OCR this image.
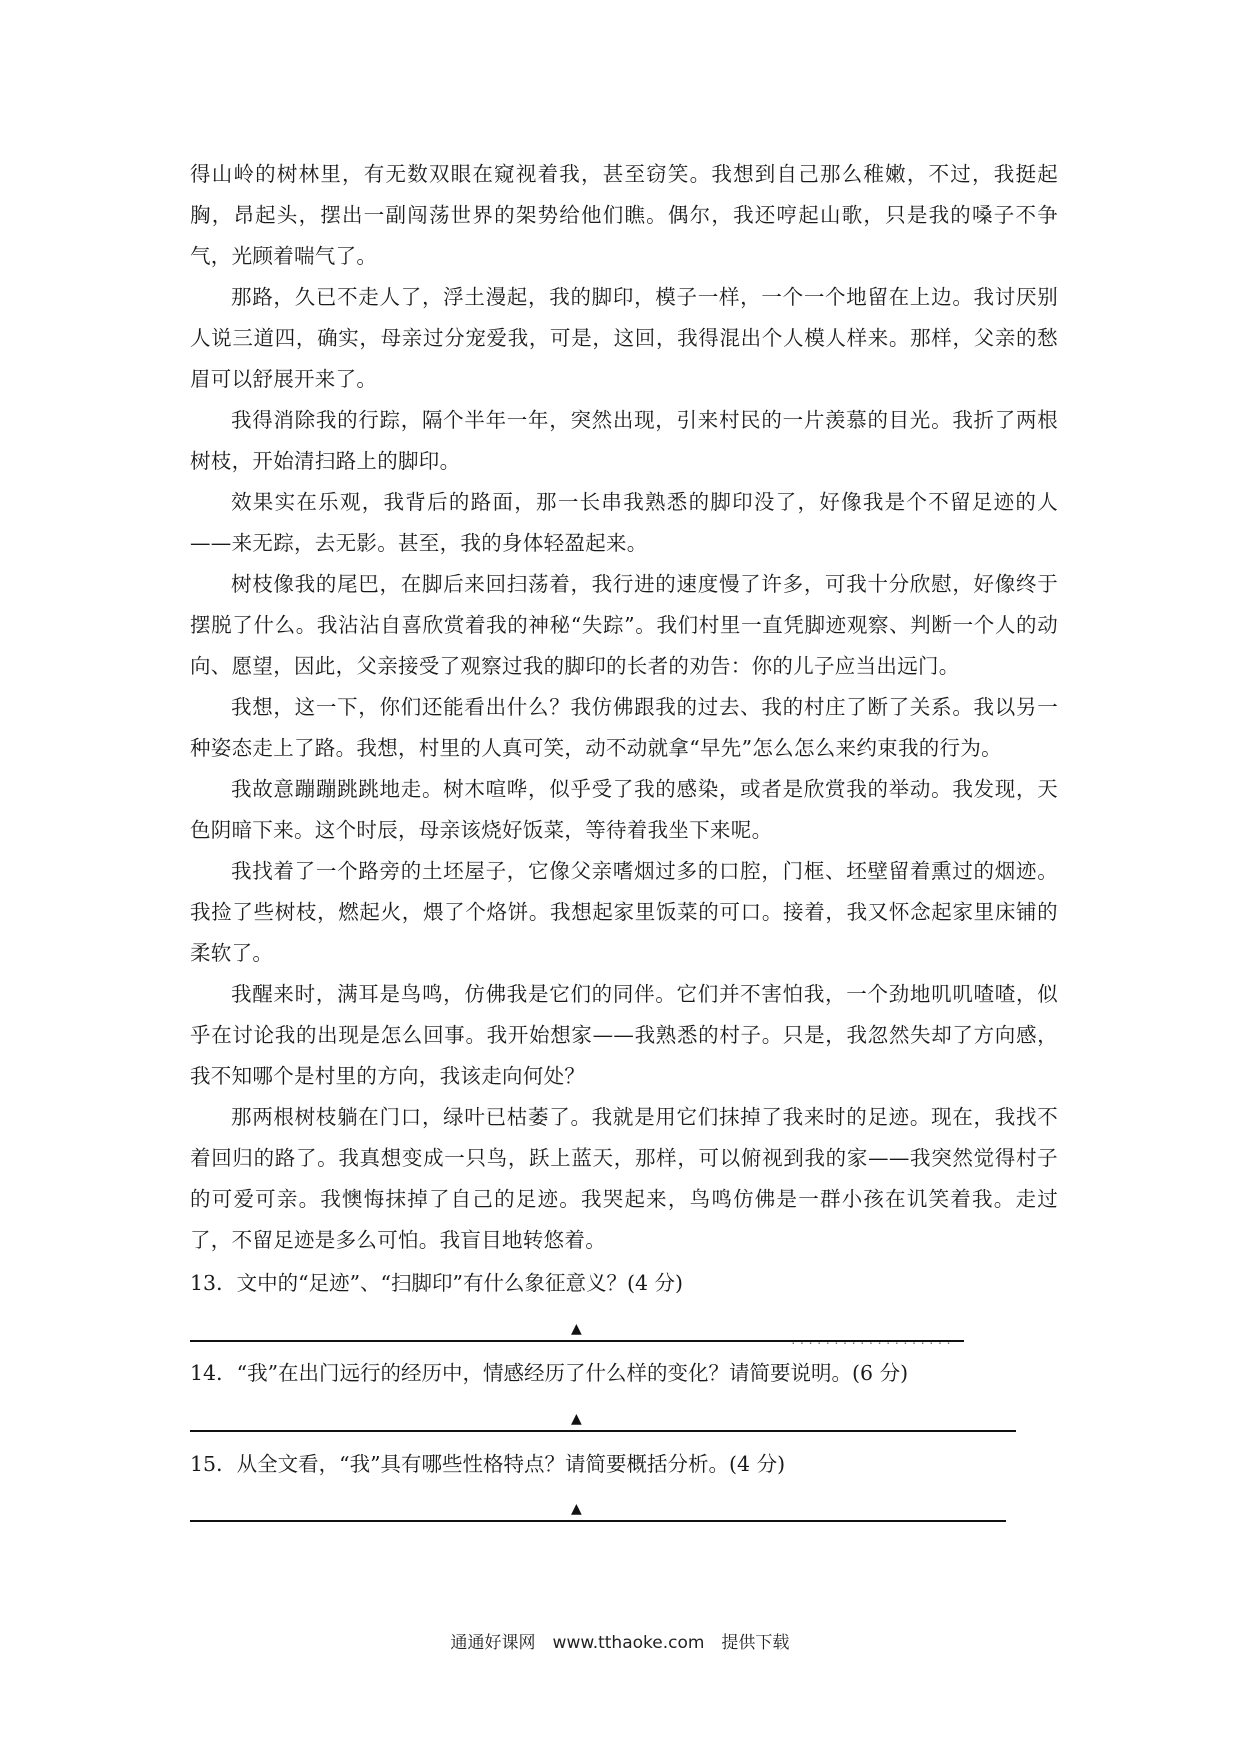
得山岭的树林里，有无数双眼在窥视着我，甚至窃笑。我想到自己那么稚嫩，不过，我挺起胸，昂起头，摆出一副闯荡世界的架势给他们瞧。偶尔，我还哼起山歌，只是我的嗓子不争气，光顾着喘气了。

那路，久已不走人了，浮土漫起，我的脚印，模子一样，一个一个地留在上边。我讨厌别人说三道四，确实，母亲过分宠爱我，可是，这回，我得混出个人模人样来。那样，父亲的愁眉可以舒展开来了。

我得消除我的行踪，隔个半年一年，突然出现，引来村民的一片羡慕的目光。我折了两根树枝，开始清扫路上的脚印。

效果实在乐观，我背后的路面，那一长串我熟悉的脚印没了，好像我是个不留足迹的人——来无踪，去无影。甚至，我的身体轻盈起来。

树枝像我的尾巴，在脚后来回扫荡着，我行进的速度慢了许多，可我十分欣慰，好像终于摆脱了什么。我沾沾自喜欣赏着我的神秘“失踪”。我们村里一直凭脚迹观察、判断一个人的动向、愿望，因此，父亲接受了观察过我的脚印的长者的劝告：你的儿子应当出远门。

我想，这一下，你们还能看出什么？我仿佛跟我的过去、我的村庄了断了关系。我以另一种姿态走上了路。我想，村里的人真可笑，动不动就拿“早先”怎么怎么来约束我的行为。

我故意蹦蹦跳跳地走。树木喧哗，似乎受了我的感染，或者是欣赏我的举动。我发现，天色阴暗下来。这个时辰，母亲该烧好饭菜，等待着我坐下来呢。

我找着了一个路旁的土坯屋子，它像父亲嗜烟过多的口腔，门框、坯壁留着熏过的烟迹。我捡了些树枝，燃起火，煨了个烙饼。我想起家里饭菜的可口。接着，我又怀念起家里床铺的柔软了。

我醒来时，满耳是鸟鸣，仿佛我是它们的同伴。它们并不害怕我，一个劲地叽叽喳喳，似乎在讨论我的出现是怎么回事。我开始想家——我熟悉的村子。只是，我忽然失却了方向感，我不知哪个是村里的方向，我该走向何处？

那两根树枝躺在门口，绿叶已枯萎了。我就是用它们抹掉了我来时的足迹。现在，我找不着回归的路了。我真想变成一只鸟，跃上蓝天，那样，可以俯视到我的家——我突然觉得村子的可爱可亲。我懊悔抹掉了自己的足迹。我哭起来，鸟鸣仿佛是一群小孩在讥笑着我。走过了，不留足迹是多么可怕。我盲目地转悠着。

13．文中的“足迹”、“扫脚印”有什么象征意义？(4 分)
▲
...................
14．“我”在出门远行的经历中，情感经历了什么样的变化？请简要说明。(6 分)
▲
15．从全文看，“我”具有哪些性格特点？请简要概括分析。(4 分)
▲
通通好课网　www.tthaoke.com　提供下载
